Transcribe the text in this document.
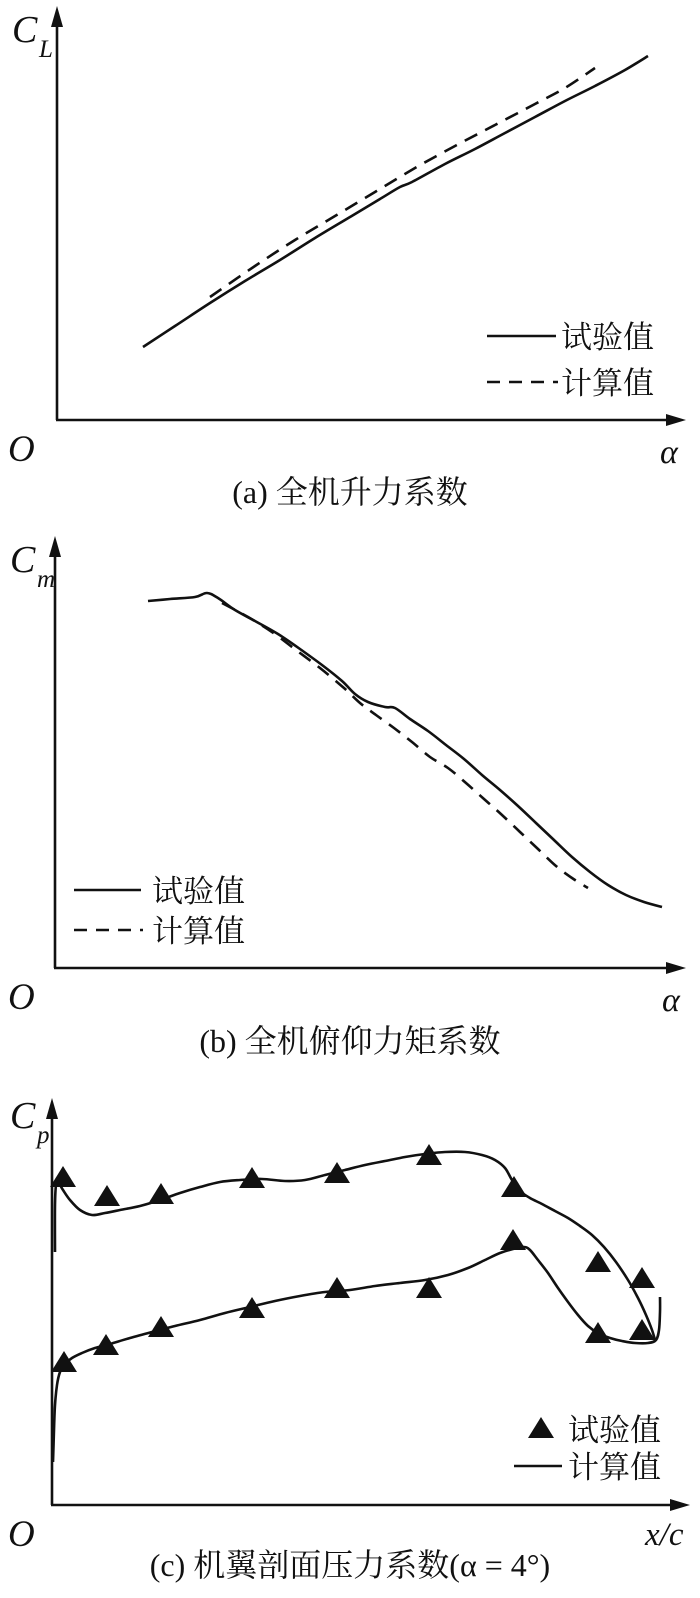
C L
O	α
试验值
计算值
(a) 全机升力系数
C m
O	α
试验值
计算值
(b) 全机俯仰力矩系数
C p
O	x/c
试验值
计算值
(c) 机翼剖面压力系数(α = 4°)
